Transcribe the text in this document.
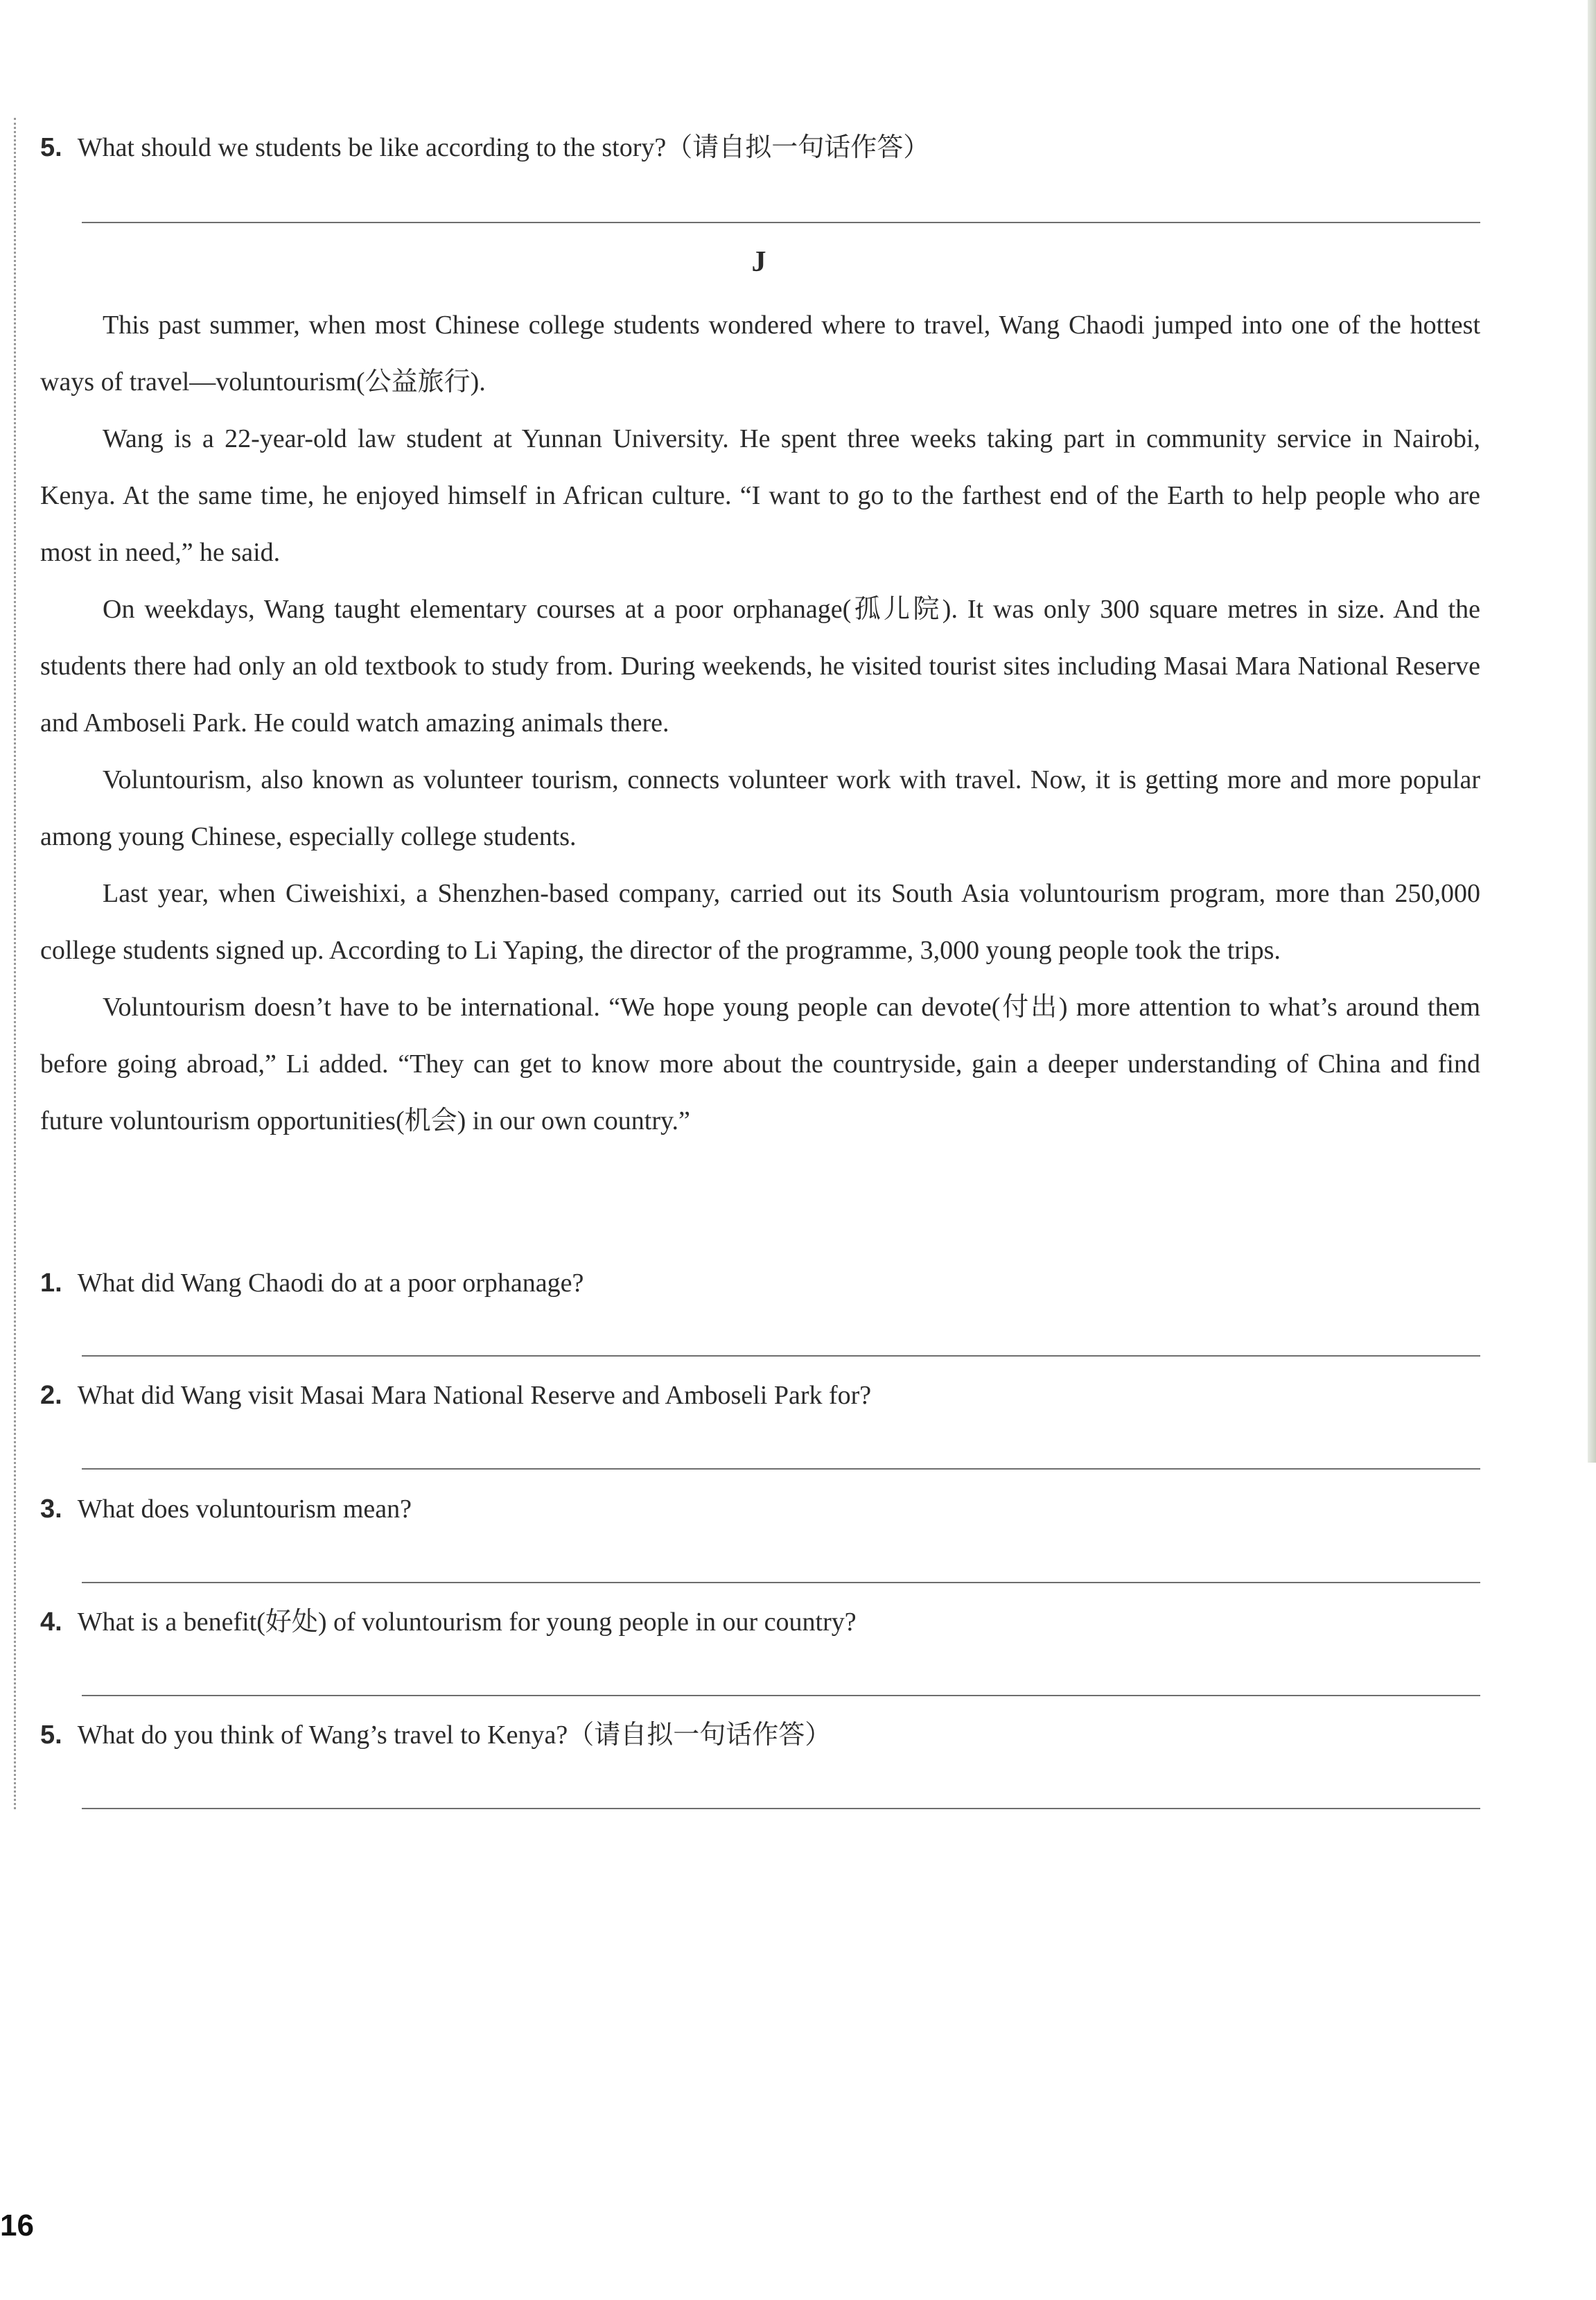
5. What should we students be like according to the story?（请自拟一句话作答）
J

This past summer, when most Chinese college students wondered where to travel, Wang Chaodi jumped into one of the hottest ways of travel—voluntourism(公益旅行).

Wang is a 22-year-old law student at Yunnan University. He spent three weeks taking part in community service in Nairobi, Kenya. At the same time, he enjoyed himself in African culture. “I want to go to the farthest end of the Earth to help people who are most in need,” he said.

On weekdays, Wang taught elementary courses at a poor orphanage(孤儿院). It was only 300 square metres in size. And the students there had only an old textbook to study from. During weekends, he visited tourist sites including Masai Mara National Reserve and Amboseli Park. He could watch amazing animals there.

Voluntourism, also known as volunteer tourism, connects volunteer work with travel. Now, it is getting more and more popular among young Chinese, especially college students.

Last year, when Ciweishixi, a Shenzhen-based company, carried out its South Asia voluntourism program, more than 250,000 college students signed up. According to Li Yaping, the director of the programme, 3,000 young people took the trips.

Voluntourism doesn’t have to be international. “We hope young people can devote(付出) more attention to what’s around them before going abroad,” Li added. “They can get to know more about the countryside, gain a deeper understanding of China and find future voluntourism opportunities(机会) in our own country.”

1. What did Wang Chaodi do at a poor orphanage?
2. What did Wang visit Masai Mara National Reserve and Amboseli Park for?
3. What does voluntourism mean?
4. What is a benefit(好处) of voluntourism for young people in our country?
5. What do you think of Wang’s travel to Kenya?（请自拟一句话作答）
16
